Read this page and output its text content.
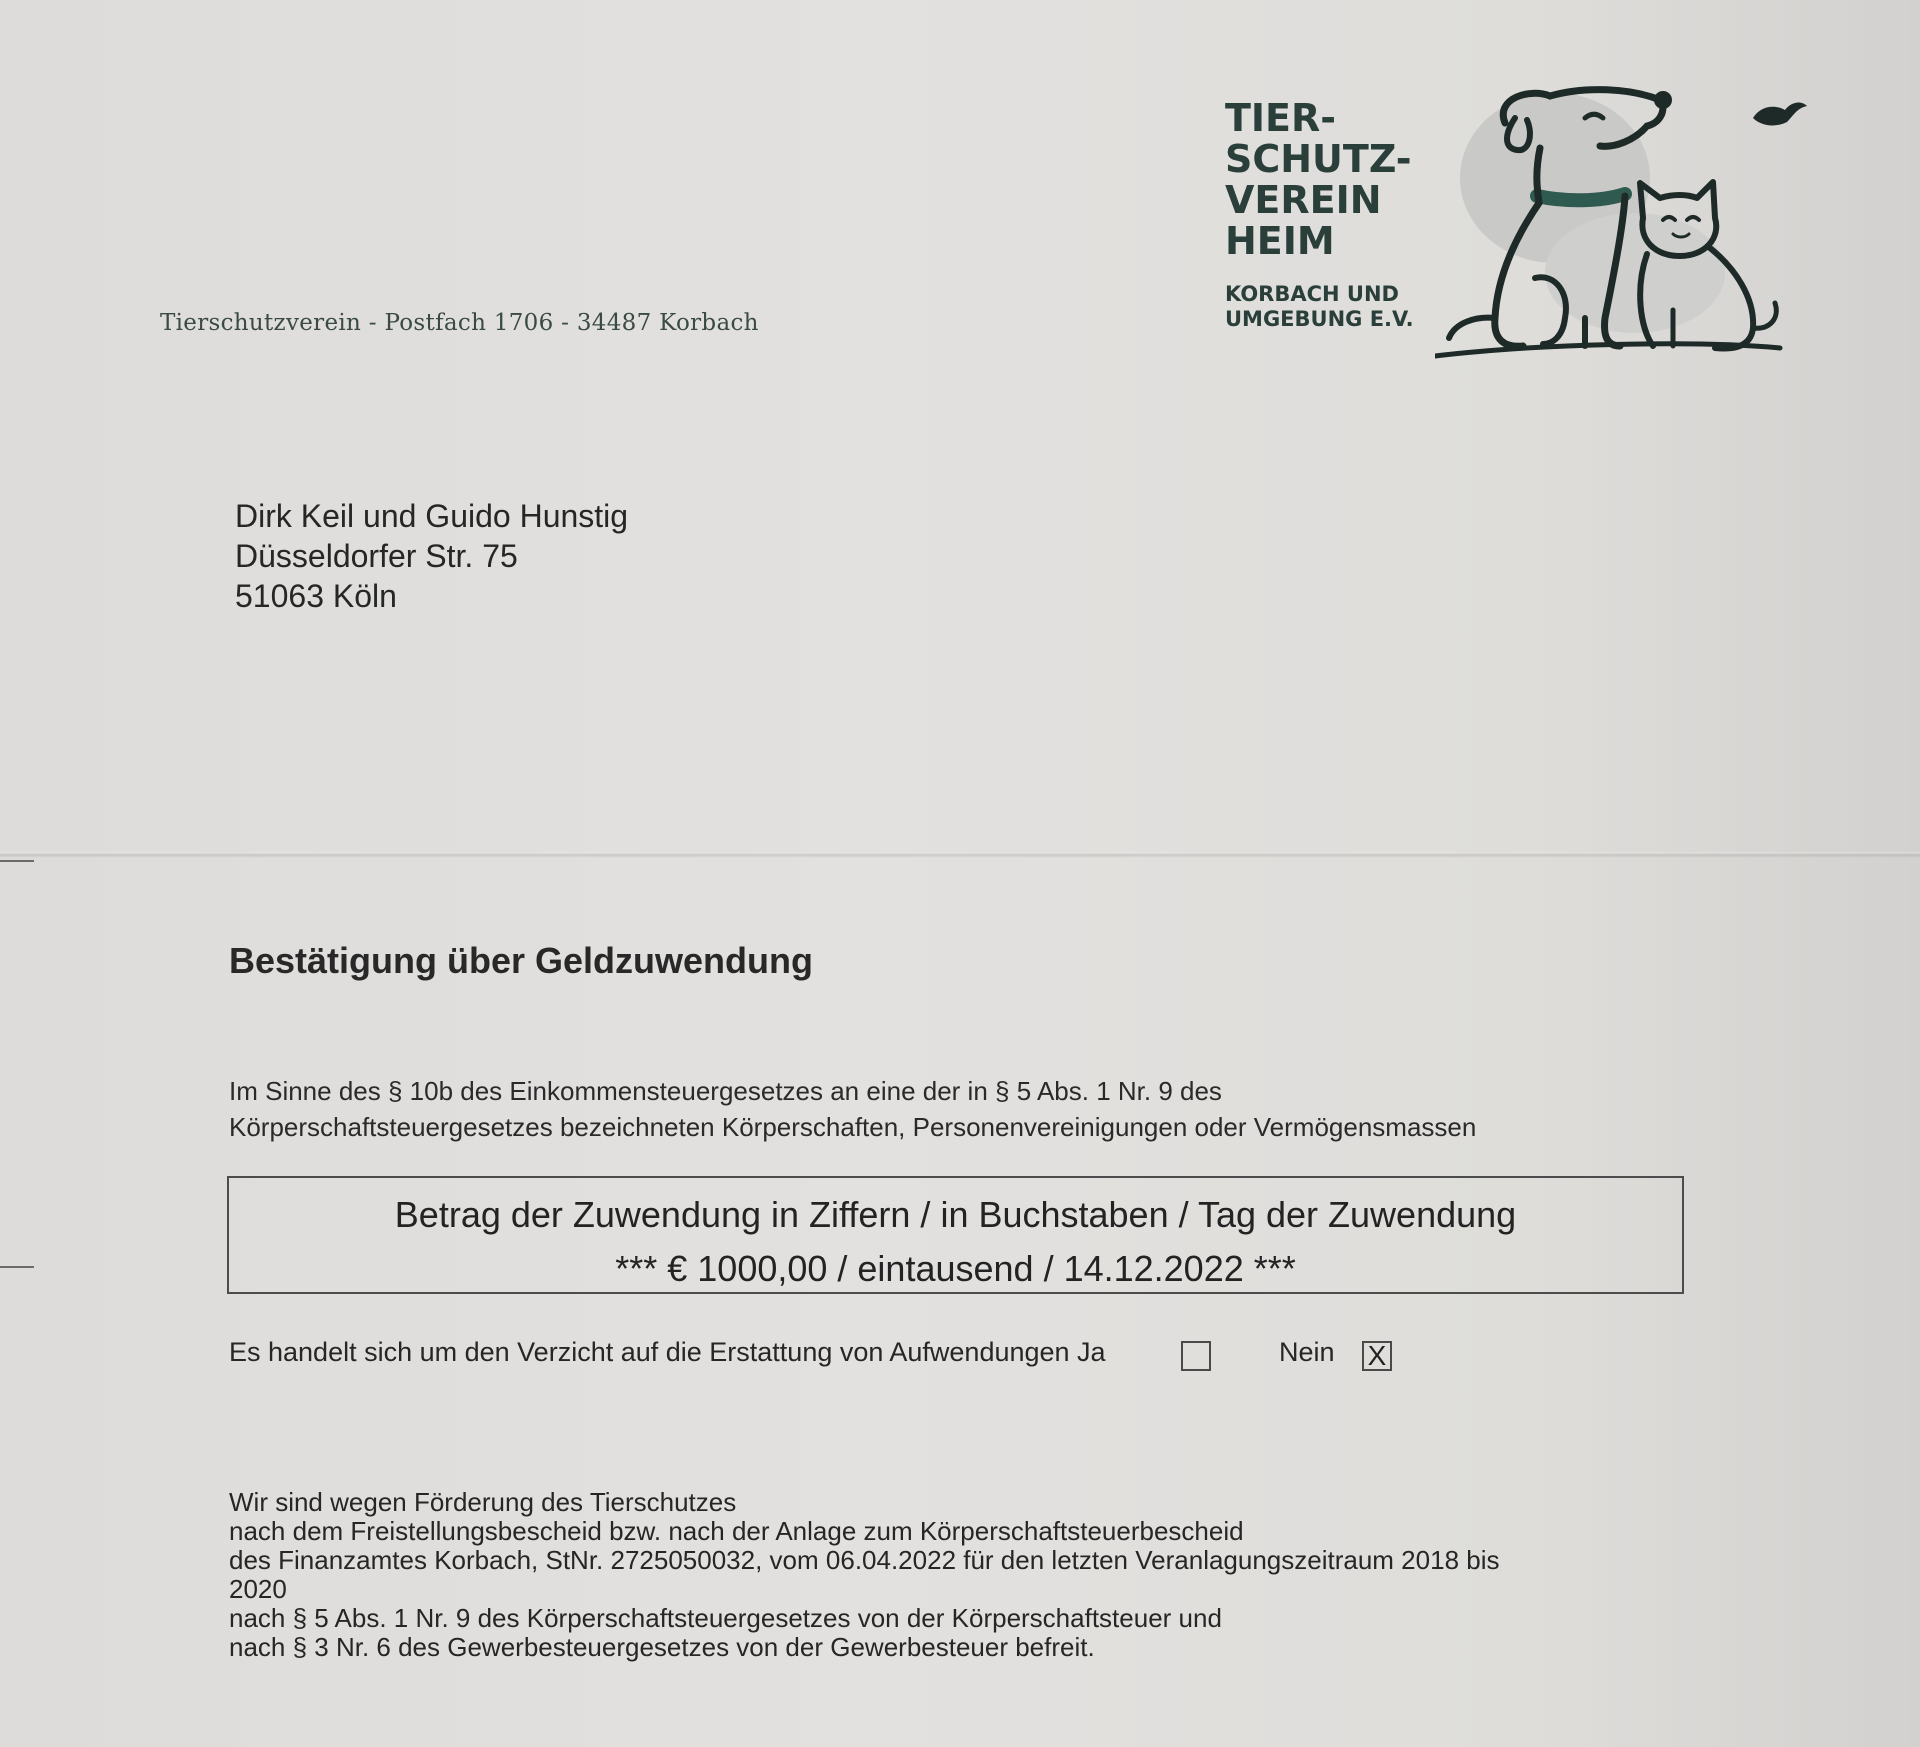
Tierschutzverein - Postfach 1706 - 34487 Korbach
TIER-
SCHUTZ-
VEREIN
HEIM
KORBACH UND
UMGEBUNG E.V.
Dirk Keil und Guido Hunstig
Düsseldorfer Str. 75
51063 Köln
Bestätigung über Geldzuwendung
Im Sinne des § 10b des Einkommensteuergesetzes an eine der in § 5 Abs. 1 Nr. 9 des
Körperschaftsteuergesetzes bezeichneten Körperschaften, Personenvereinigungen oder Vermögensmassen
Betrag der Zuwendung in Ziffern / in Buchstaben / Tag der Zuwendung
*** € 1000,00 / eintausend / 14.12.2022 ***
Es handelt sich um den Verzicht auf die Erstattung von Aufwendungen Ja	Nein X
Wir sind wegen Förderung des Tierschutzes
nach dem Freistellungsbescheid bzw. nach der Anlage zum Körperschaftsteuerbescheid
des Finanzamtes Korbach, StNr. 2725050032, vom 06.04.2022 für den letzten Veranlagungszeitraum 2018 bis
2020
nach § 5 Abs. 1 Nr. 9 des Körperschaftsteuergesetzes von der Körperschaftsteuer und
nach § 3 Nr. 6 des Gewerbesteuergesetzes von der Gewerbesteuer befreit.
